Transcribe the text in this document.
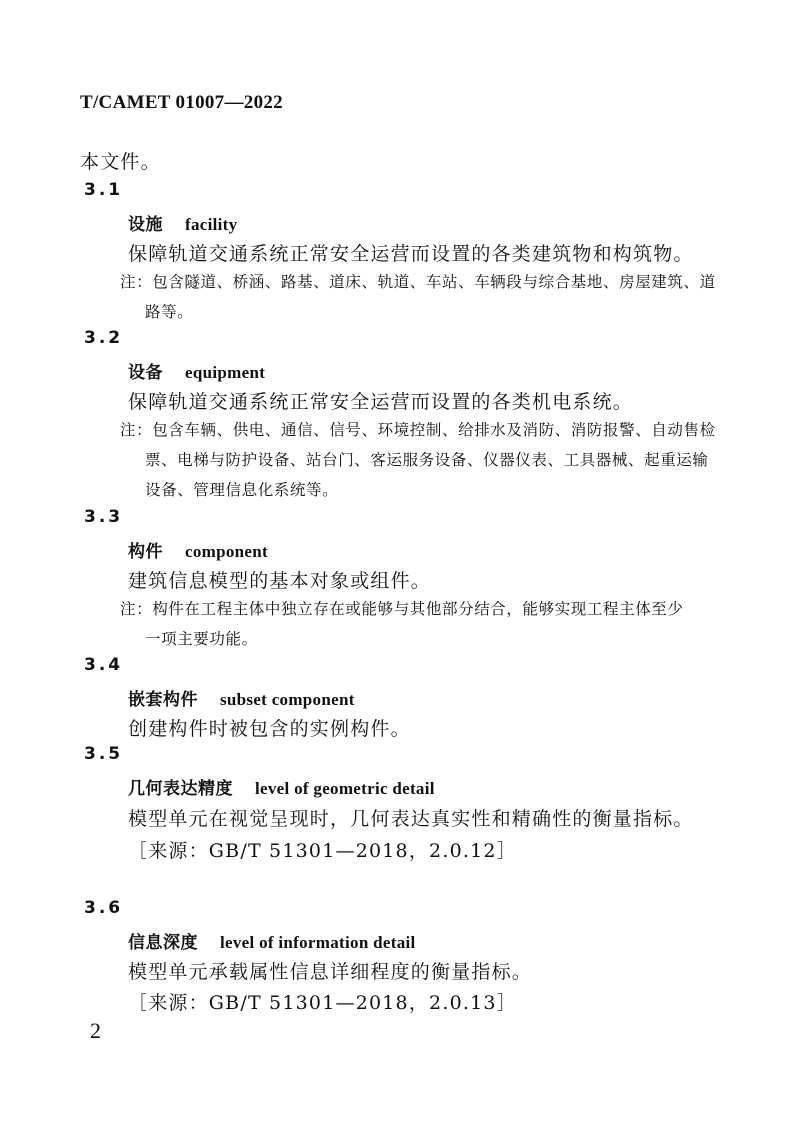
T/CAMET 01007—2022
本文件。
3.1
设施 facility
保障轨道交通系统正常安全运营而设置的各类建筑物和构筑物。
注：包含隧道、桥涵、路基、道床、轨道、车站、车辆段与综合基地、房屋建筑、道
路等。
3.2
设备 equipment
保障轨道交通系统正常安全运营而设置的各类机电系统。
注：包含车辆、供电、通信、信号、环境控制、给排水及消防、消防报警、自动售检
票、电梯与防护设备、站台门、客运服务设备、仪器仪表、工具器械、起重运输
设备、管理信息化系统等。
3.3
构件 component
建筑信息模型的基本对象或组件。
注：构件在工程主体中独立存在或能够与其他部分结合，能够实现工程主体至少
一项主要功能。
3.4
嵌套构件 subset component
创建构件时被包含的实例构件。
3.5
几何表达精度 level of geometric detail
模型单元在视觉呈现时，几何表达真实性和精确性的衡量指标。
［来源：GB/T 51301—2018，2.0.12］
3.6
信息深度 level of information detail
模型单元承载属性信息详细程度的衡量指标。
［来源：GB/T 51301—2018，2.0.13］
2
